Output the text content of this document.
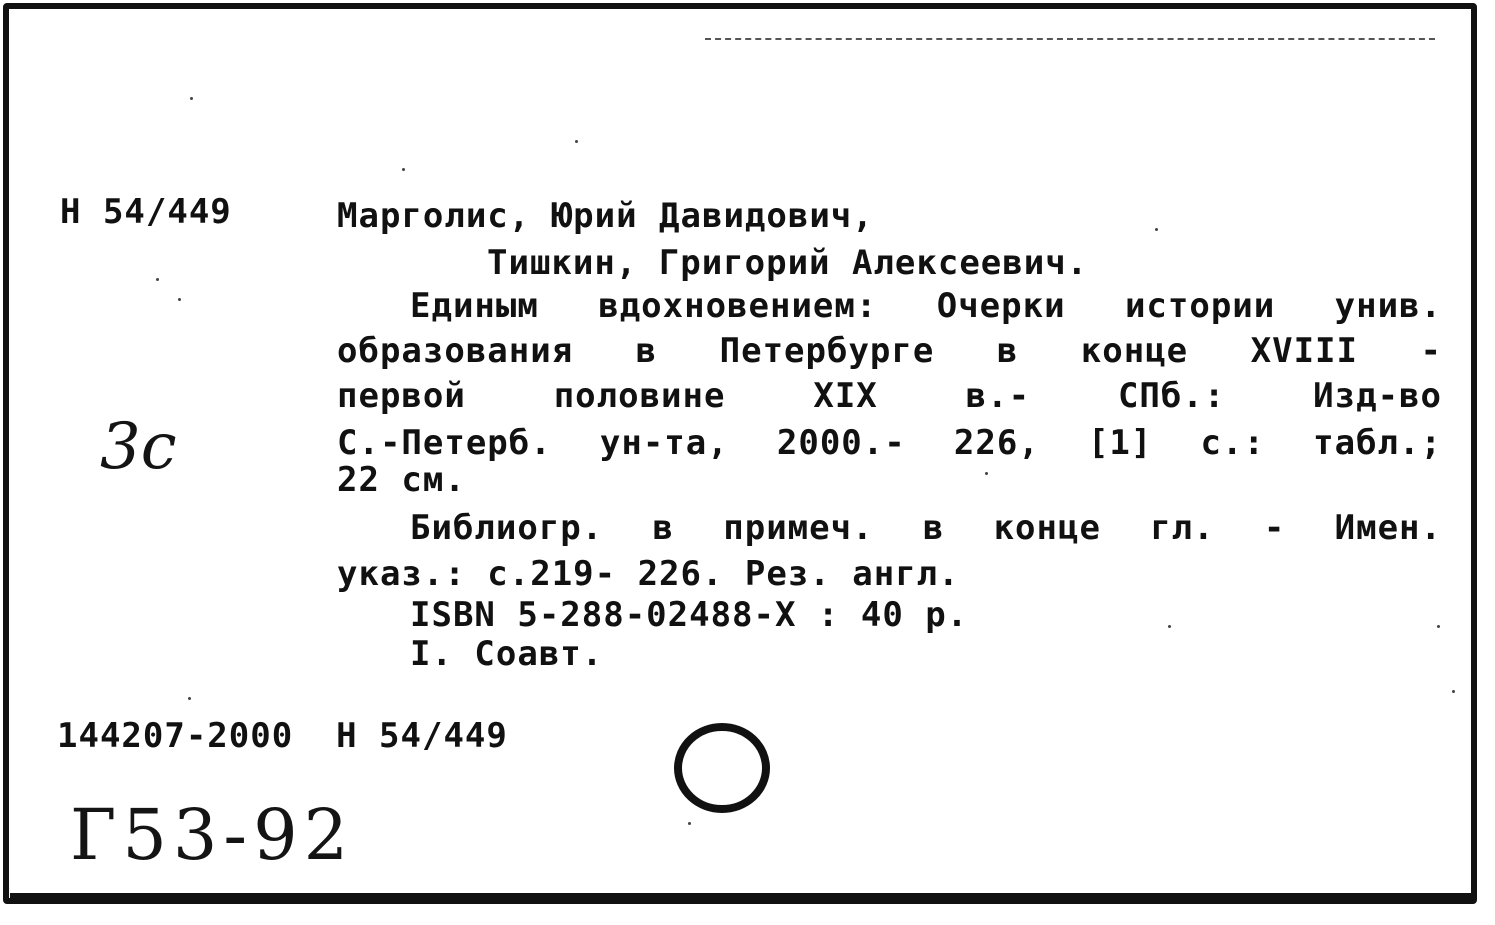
Н 54/449	Марголис, Юрий Давидович,
Тишкин, Григорий Алексеевич.
Единым вдохновением: Очерки истории унив.
образования в Петербурге в конце XVIII -
первой	половине	XIX	в.-	СПб.:	Изд-во
С.-Петерб. ун-та, 2000.- 226, [1] с.: табл.;
22 см.
Библиогр. в примеч. в конце гл. - Имен.
указ.: с.219- 226. Рез. англ.
ISBN 5-288-02488-X : 40 р.
I. Соавт.
144207-2000  Н 54/449
3с
Г53-92
